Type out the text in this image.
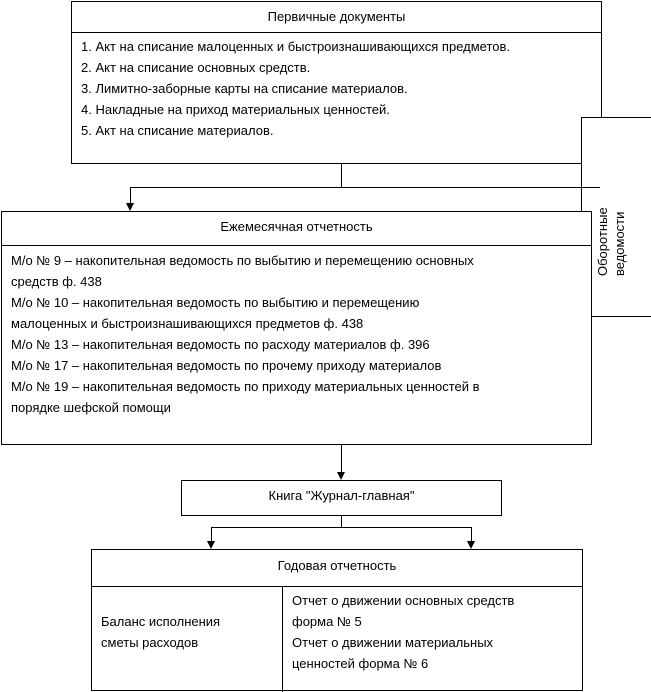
Первичные документы
1. Акт на списание малоценных и быстроизнашивающихся предметов.
2. Акт на списание основных средств.
3. Лимитно-заборные карты на списание материалов.
4. Накладные на приход материальных ценностей.
5. Акт на списание материалов.
Оборотные ведомости
Ежемесячная отчетность
М/о № 9 – накопительная ведомость по выбытию и перемещению основных
средств ф. 438
М/о № 10 – накопительная ведомость по выбытию и перемещению
малоценных и быстроизнашивающихся предметов ф. 438
М/о № 13 – накопительная ведомость по расходу материалов ф. 396
М/о № 17 – накопительная ведомость по прочему приходу материалов
М/о № 19 – накопительная ведомость по приходу материальных ценностей в
порядке шефской помощи
Книга "Журнал-главная"
Годовая отчетность
Баланс исполнения
сметы расходов
Отчет о движении основных средств
форма № 5
Отчет о движении материальных
ценностей форма № 6
